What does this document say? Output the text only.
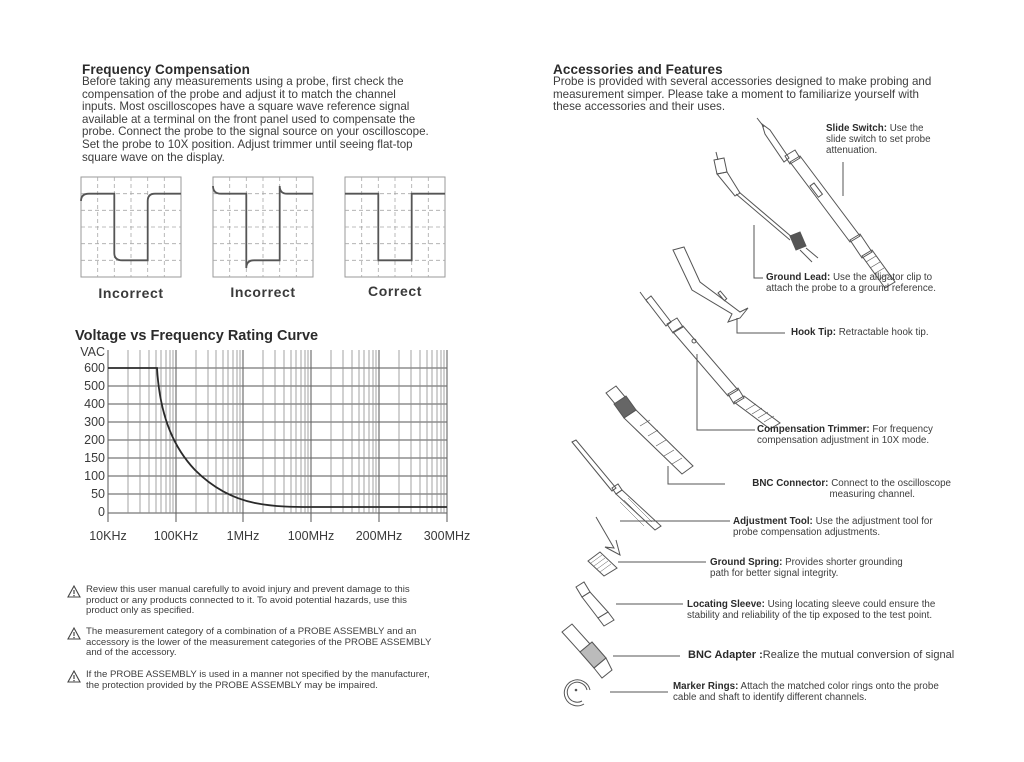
Frequency Compensation
Before taking any measurements using a probe, first check the
compensation of the probe and adjust it to match the channel
inputs. Most oscilloscopes have a square wave reference signal
available at a terminal on the front panel used to compensate the
probe. Connect the probe to the signal source on your oscilloscope.
Set the probe to 10X position. Adjust trimmer until seeing flat-top
square wave on the display.
Incorrect	Incorrect	Correct
Voltage vs Frequency Rating Curve
VAC
600
500
400
300
200
150
100
50
0
10KHz	100KHz	1MHz	100MHz	200MHz	300MHz
Review this user manual carefully to avoid injury and prevent damage to this
product or any products connected to it. To avoid potential hazards, use this
product only as specified.
The measurement category of a combination of a PROBE ASSEMBLY and an
accessory is the lower of the measurement categories of the PROBE ASSEMBLY
and of the accessory.
If the PROBE ASSEMBLY is used in a manner not specified by the manufacturer,
the protection provided by the PROBE ASSEMBLY may be impaired.
Accessories and Features
Probe is provided with several accessories designed to make probing and
measurement simper. Please take a moment to familiarize yourself with
these accessories and their uses.
Slide Switch: Use the
slide switch to set probe
attenuation.
Ground Lead: Use the alligator clip to
attach the probe to a ground reference.
Hook Tip: Retractable hook tip.
Compensation Trimmer: For frequency
compensation adjustment in 10X mode.
BNC Connector: Connect to the oscilloscope
measuring channel.
Adjustment Tool: Use the adjustment tool for
probe compensation adjustments.
Ground Spring: Provides shorter grounding
path for better signal integrity.
Locating Sleeve: Using locating sleeve could ensure the
stability and reliability of the tip exposed to the test point.
BNC Adapter :Realize the mutual conversion of signal
Marker Rings: Attach the matched color rings onto the probe
cable and shaft to identify different channels.
